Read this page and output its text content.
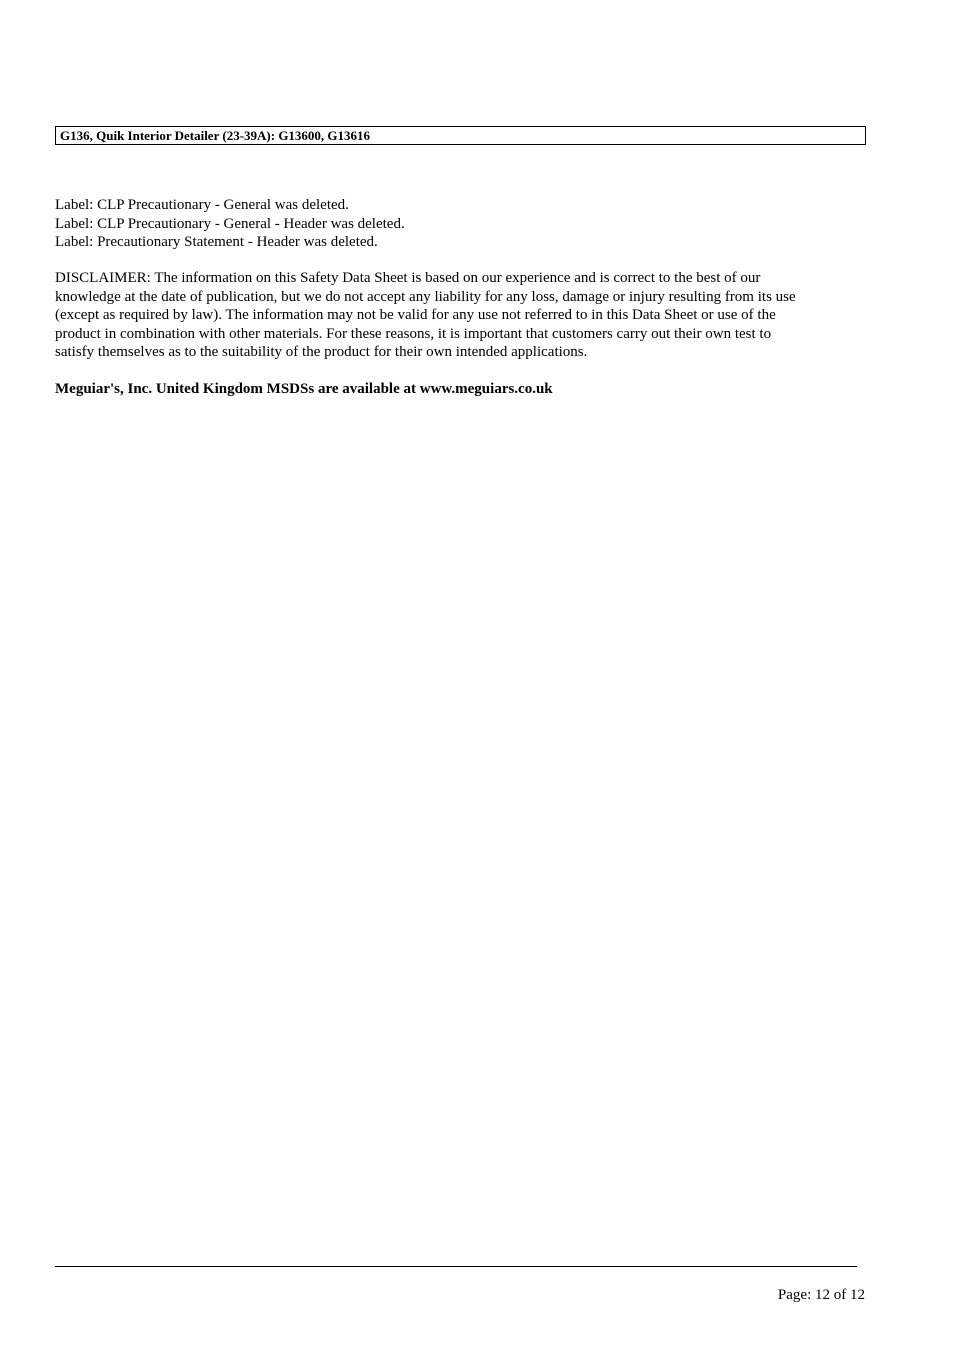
G136, Quik Interior Detailer (23-39A): G13600, G13616
Label: CLP Precautionary - General was deleted.
Label: CLP Precautionary - General - Header was deleted.
Label: Precautionary Statement - Header was deleted.
DISCLAIMER: The information on this Safety Data Sheet is based on our experience and is correct to the best of our
knowledge at the date of publication, but we do not accept any liability for any loss, damage or injury resulting from its use
(except as required by law). The information may not be valid for any use not referred to in this Data Sheet or use of the
product in combination with other materials. For these reasons, it is important that customers carry out their own test to
satisfy themselves as to the suitability of the product for their own intended applications.
Meguiar's, Inc. United Kingdom MSDSs are available at www.meguiars.co.uk
Page: 12 of 12
